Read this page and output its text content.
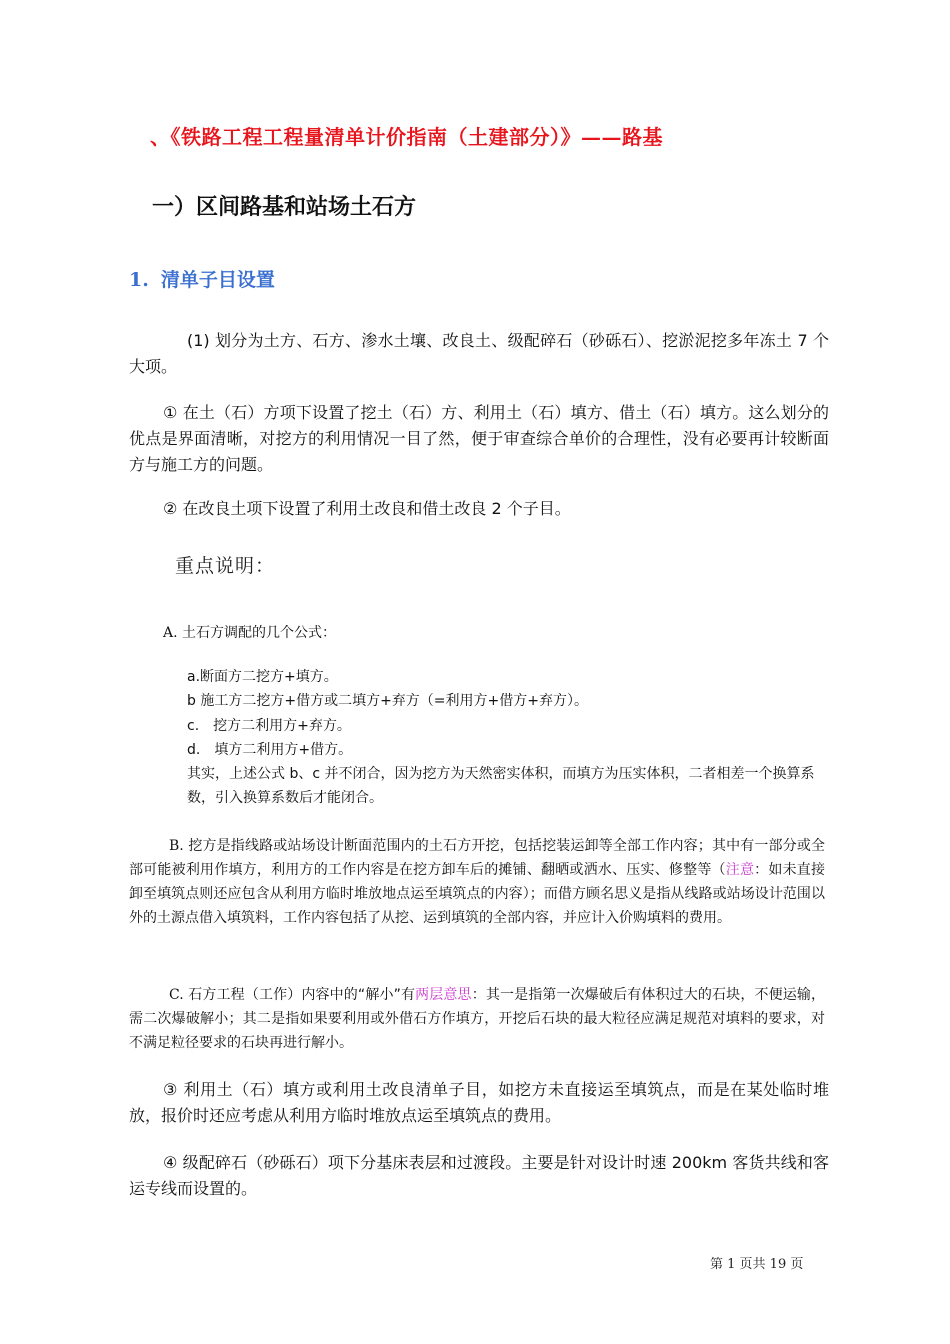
、《铁路工程工程量清单计价指南（土建部分）》——路基
一）区间路基和站场土石方
1. 清单子目设置

(1) 划分为土方、石方、渗水土壤、改良土、级配碎石（砂砾石）、挖淤泥挖多年冻土 7 个大项。

① 在土（石）方项下设置了挖土（石）方、利用土（石）填方、借土（石）填方。这么划分的优点是界面清晰，对挖方的利用情况一目了然，便于审查综合单价的合理性，没有必要再计较断面方与施工方的问题。

② 在改良土项下设置了利用土改良和借土改良 2 个子目。

重点说明：
A. 土石方调配的几个公式：

a.断面方二挖方+填方。

b 施工方二挖方+借方或二填方+弃方（=利用方+借方+弃方）。

c.　挖方二利用方+弃方。

d.　填方二利用方+借方。

其实，上述公式 b、c 并不闭合，因为挖方为天然密实体积，而填方为压实体积，二者相差一个换算系数，引入换算系数后才能闭合。

B. 挖方是指线路或站场设计断面范围内的土石方开挖，包括挖装运卸等全部工作内容；其中有一部分或全部可能被利用作填方，利用方的工作内容是在挖方卸车后的摊铺、翻晒或洒水、压实、修整等（注意：如未直接卸至填筑点则还应包含从利用方临时堆放地点运至填筑点的内容）；而借方顾名思义是指从线路或站场设计范围以外的土源点借入填筑料，工作内容包括了从挖、运到填筑的全部内容，并应计入价购填料的费用。

C. 石方工程（工作）内容中的“解小”有两层意思：其一是指第一次爆破后有体积过大的石块，不便运输，需二次爆破解小；其二是指如果要利用或外借石方作填方，开挖后石块的最大粒径应满足规范对填料的要求，对不满足粒径要求的石块再进行解小。

③ 利用土（石）填方或利用土改良清单子目，如挖方未直接运至填筑点，而是在某处临时堆放，报价时还应考虑从利用方临时堆放点运至填筑点的费用。

④ 级配碎石（砂砾石）项下分基床表层和过渡段。主要是针对设计时速 200km 客货共线和客运专线而设置的。

第 1 页共 19 页
